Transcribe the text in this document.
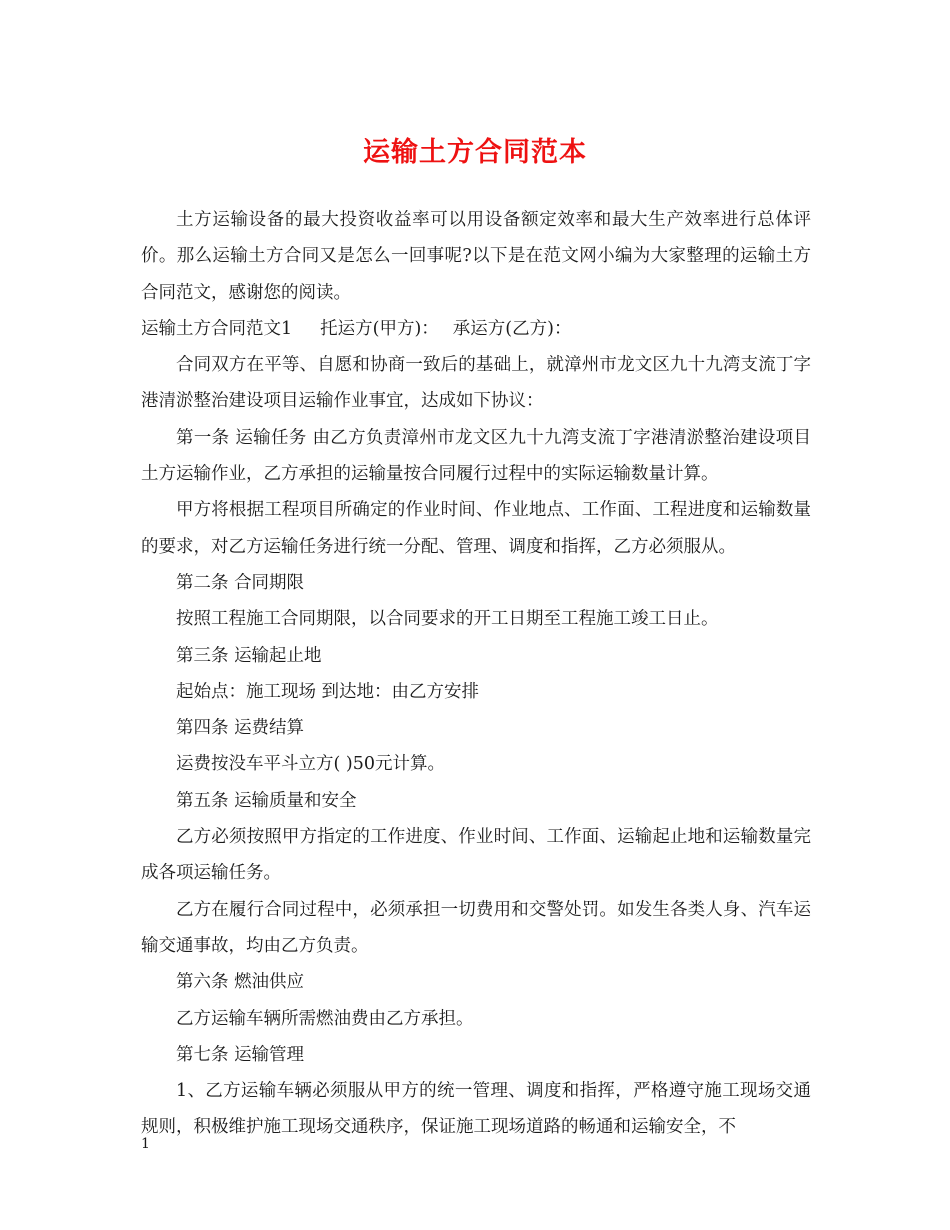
运输土方合同范本

土方运输设备的最大投资收益率可以用设备额定效率和最大生产效率进行总体评价。那么运输土方合同又是怎么一回事呢?以下是在范文网小编为大家整理的运输土方合同范文，感谢您的阅读。

运输土方合同范文1 托运方(甲方)： 承运方(乙方)：

合同双方在平等、自愿和协商一致后的基础上，就漳州市龙文区九十九湾支流丁字港清淤整治建设项目运输作业事宜，达成如下协议：

第一条 运输任务 由乙方负责漳州市龙文区九十九湾支流丁字港清淤整治建设项目土方运输作业，乙方承担的运输量按合同履行过程中的实际运输数量计算。

甲方将根据工程项目所确定的作业时间、作业地点、工作面、工程进度和运输数量的要求，对乙方运输任务进行统一分配、管理、调度和指挥，乙方必须服从。

第二条 合同期限

按照工程施工合同期限，以合同要求的开工日期至工程施工竣工日止。

第三条 运输起止地

起始点：施工现场 到达地：由乙方安排

第四条 运费结算

运费按没车平斗立方( )50元计算。

第五条 运输质量和安全

乙方必须按照甲方指定的工作进度、作业时间、工作面、运输起止地和运输数量完成各项运输任务。

乙方在履行合同过程中，必须承担一切费用和交警处罚。如发生各类人身、汽车运输交通事故，均由乙方负责。

第六条 燃油供应

乙方运输车辆所需燃油费由乙方承担。

第七条 运输管理

1、乙方运输车辆必须服从甲方的统一管理、调度和指挥，严格遵守施工现场交通规则，积极维护施工现场交通秩序，保证施工现场道路的畅通和运输安全，不

1
